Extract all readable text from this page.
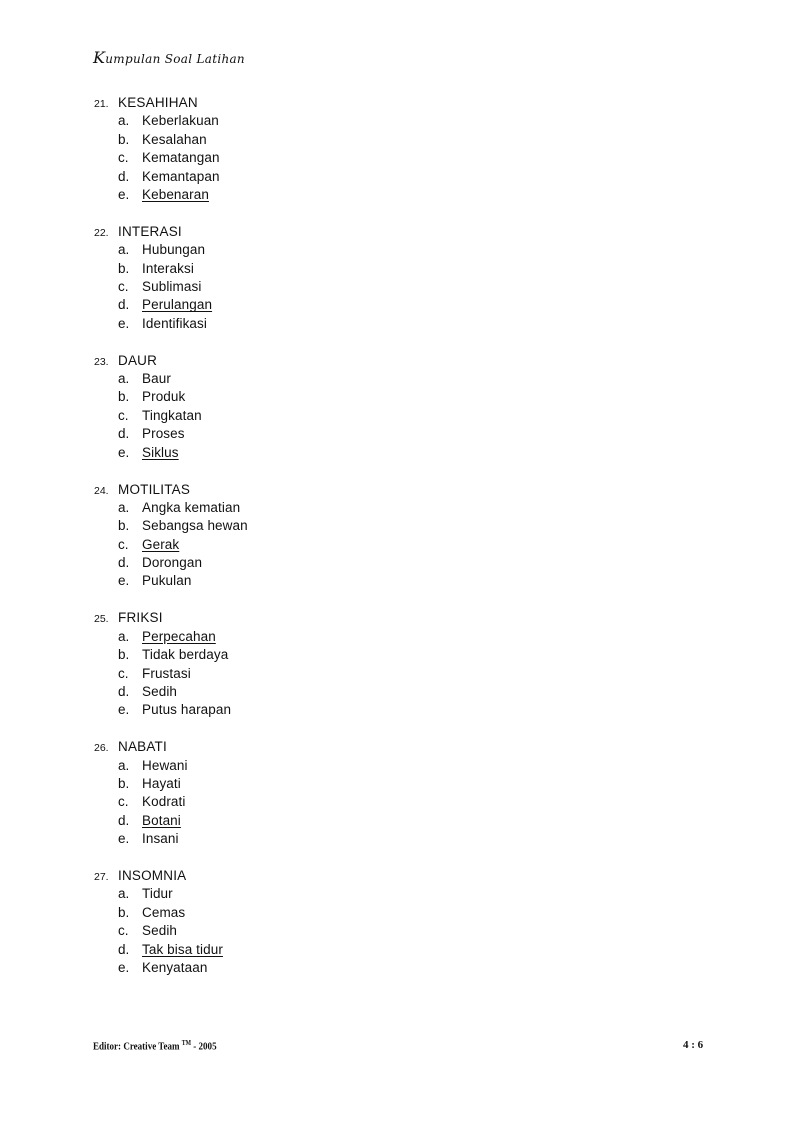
Kumpulan Soal Latihan
21. KESAHIHAN
a. Keberlakuan
b. Kesalahan
c. Kematangan
d. Kemantapan
e. Kebenaran
22. INTERASI
a. Hubungan
b. Interaksi
c. Sublimasi
d. Perulangan
e. Identifikasi
23. DAUR
a. Baur
b. Produk
c. Tingkatan
d. Proses
e. Siklus
24. MOTILITAS
a. Angka kematian
b. Sebangsa hewan
c. Gerak
d. Dorongan
e. Pukulan
25. FRIKSI
a. Perpecahan
b. Tidak berdaya
c. Frustasi
d. Sedih
e. Putus harapan
26. NABATI
a. Hewani
b. Hayati
c. Kodrati
d. Botani
e. Insani
27. INSOMNIA
a. Tidur
b. Cemas
c. Sedih
d. Tak bisa tidur
e. Kenyataan
Editor: Creative Team ™ - 2005	4 : 6
